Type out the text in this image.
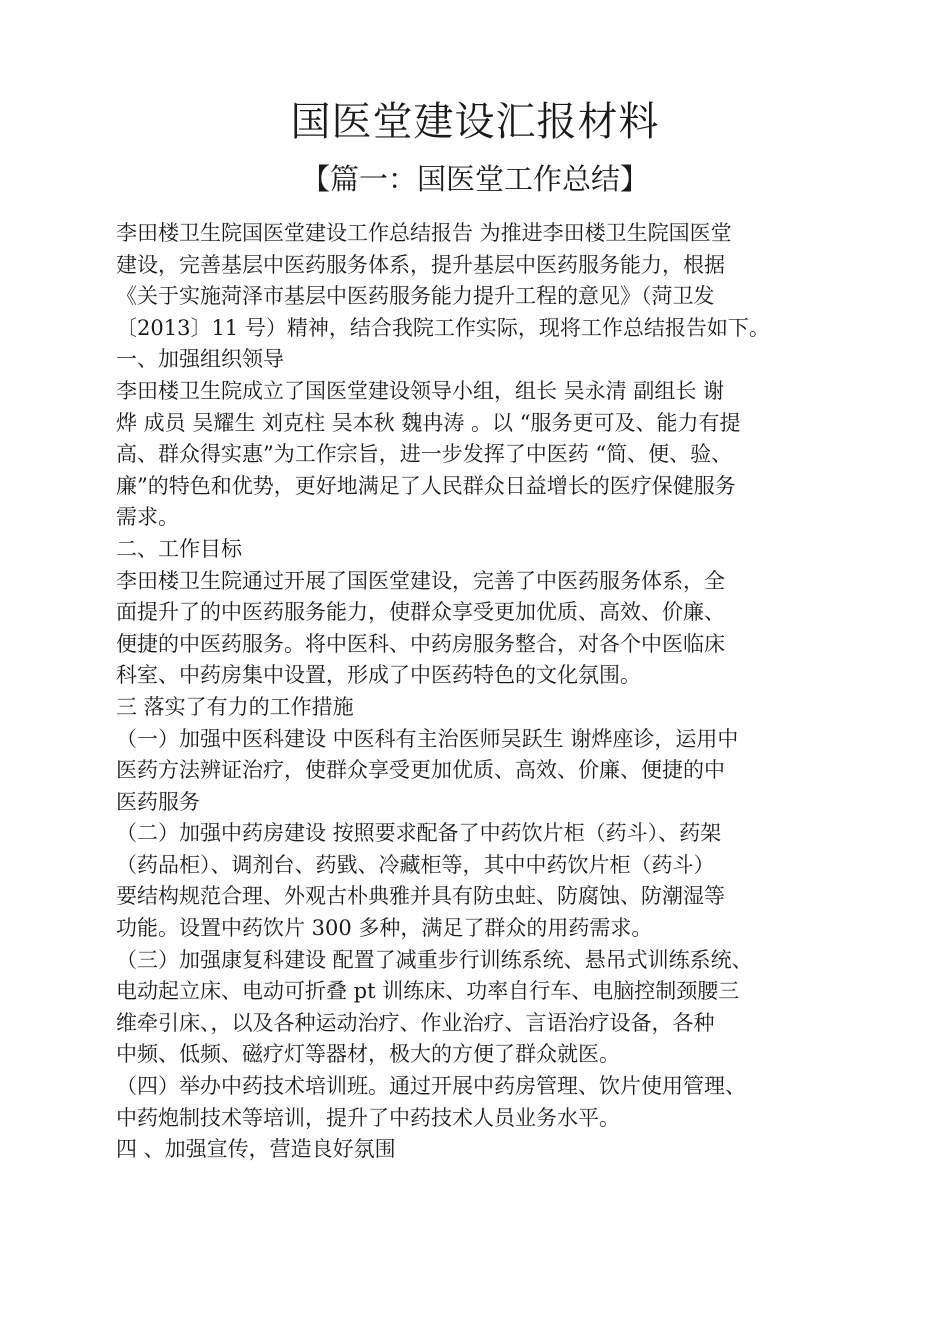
国医堂建设汇报材料
【篇一：国医堂工作总结】
李田楼卫生院国医堂建设工作总结报告 为推进李田楼卫生院国医堂
建设，完善基层中医药服务体系，提升基层中医药服务能力，根据
《关于实施菏泽市基层中医药服务能力提升工程的意见》（菏卫发
〔2013〕11 号）精神，结合我院工作实际，现将工作总结报告如下。
一、加强组织领导
李田楼卫生院成立了国医堂建设领导小组，组长 吴永清 副组长 谢
烨 成员 吴耀生 刘克柱 吴本秋 魏冉涛 。以 “服务更可及、能力有提
高、群众得实惠”为工作宗旨，进一步发挥了中医药 “简、便、验、
廉”的特色和优势，更好地满足了人民群众日益增长的医疗保健服务
需求。
二、工作目标
李田楼卫生院通过开展了国医堂建设，完善了中医药服务体系，全
面提升了的中医药服务能力，使群众享受更加优质、高效、价廉、
便捷的中医药服务。将中医科、中药房服务整合，对各个中医临床
科室、中药房集中设置，形成了中医药特色的文化氛围。
三 落实了有力的工作措施
（一）加强中医科建设 中医科有主治医师吴跃生 谢烨座诊，运用中
医药方法辨证治疗，使群众享受更加优质、高效、价廉、便捷的中
医药服务
（二）加强中药房建设 按照要求配备了中药饮片柜（药斗）、药架
（药品柜）、调剂台、药戥、冷藏柜等，其中中药饮片柜（药斗）
要结构规范合理、外观古朴典雅并具有防虫蛀、防腐蚀、防潮湿等
功能。设置中药饮片 300 多种，满足了群众的用药需求。
（三）加强康复科建设 配置了减重步行训练系统、悬吊式训练系统、
电动起立床、电动可折叠 pt 训练床、功率自行车、电脑控制颈腰三
维牵引床、，以及各种运动治疗、作业治疗、言语治疗设备，各种
中频、低频、磁疗灯等器材，极大的方便了群众就医。
（四）举办中药技术培训班。通过开展中药房管理、饮片使用管理、
中药炮制技术等培训，提升了中药技术人员业务水平。
四 、加强宣传，营造良好氛围
